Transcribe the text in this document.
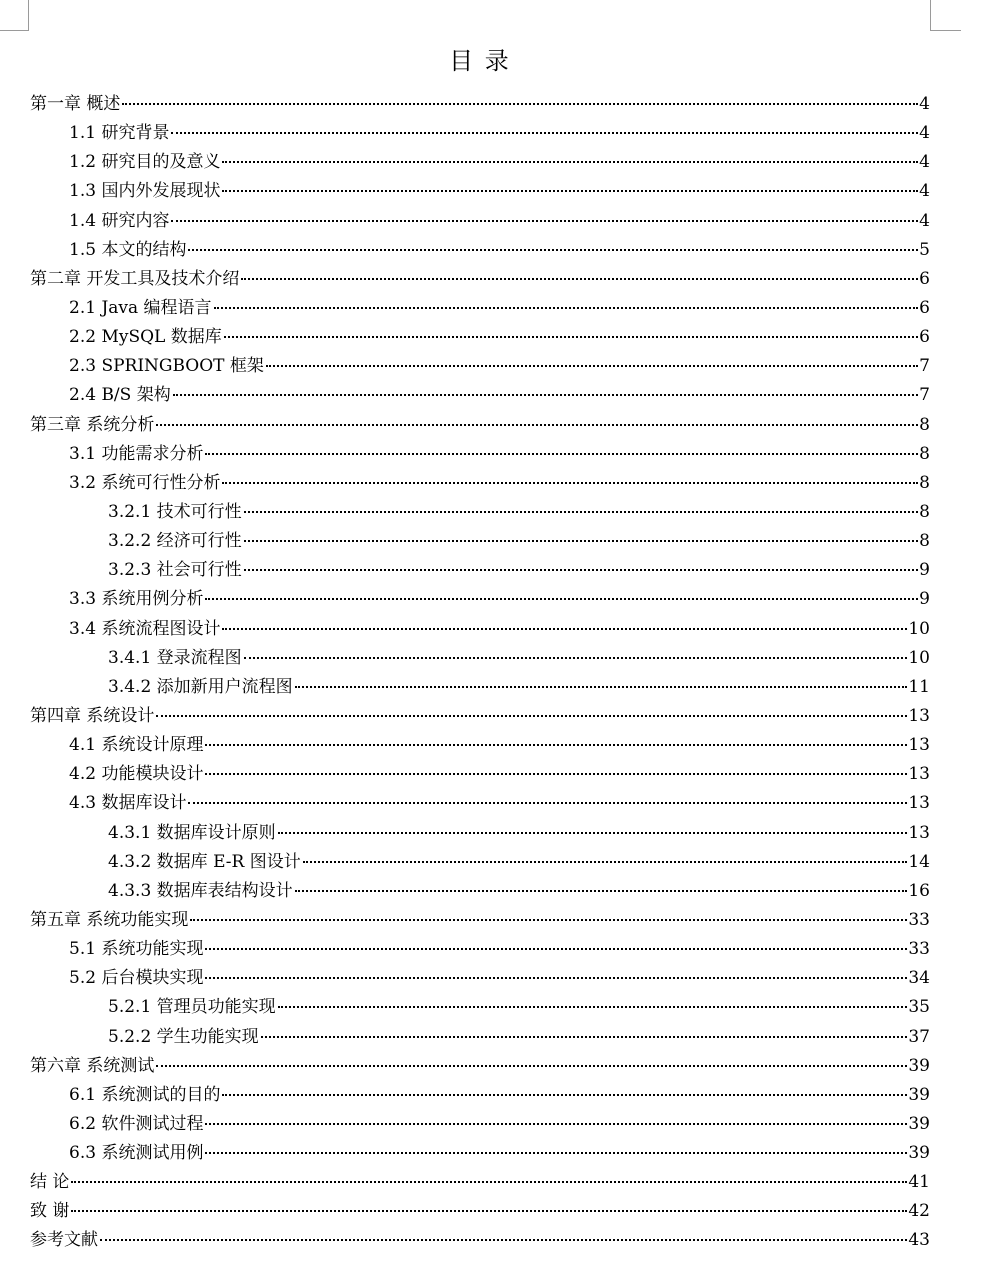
目 录
第一章 概述	4
1.1 研究背景	4
1.2 研究目的及意义	4
1.3 国内外发展现状	4
1.4 研究内容	4
1.5 本文的结构	5
第二章 开发工具及技术介绍	6
2.1 Java 编程语言	6
2.2 MySQL 数据库	6
2.3 SPRINGBOOT 框架	7
2.4 B/S 架构	7
第三章 系统分析	8
3.1 功能需求分析	8
3.2 系统可行性分析	8
3.2.1 技术可行性	8
3.2.2 经济可行性	8
3.2.3 社会可行性	9
3.3 系统用例分析	9
3.4 系统流程图设计	10
3.4.1 登录流程图	10
3.4.2 添加新用户流程图	11
第四章 系统设计	13
4.1 系统设计原理	13
4.2 功能模块设计	13
4.3 数据库设计	13
4.3.1 数据库设计原则	13
4.3.2 数据库 E-R 图设计	14
4.3.3 数据库表结构设计	16
第五章 系统功能实现	33
5.1 系统功能实现	33
5.2 后台模块实现	34
5.2.1 管理员功能实现	35
5.2.2 学生功能实现	37
第六章 系统测试	39
6.1 系统测试的目的	39
6.2 软件测试过程	39
6.3 系统测试用例	39
结 论	41
致 谢	42
参考文献	43
